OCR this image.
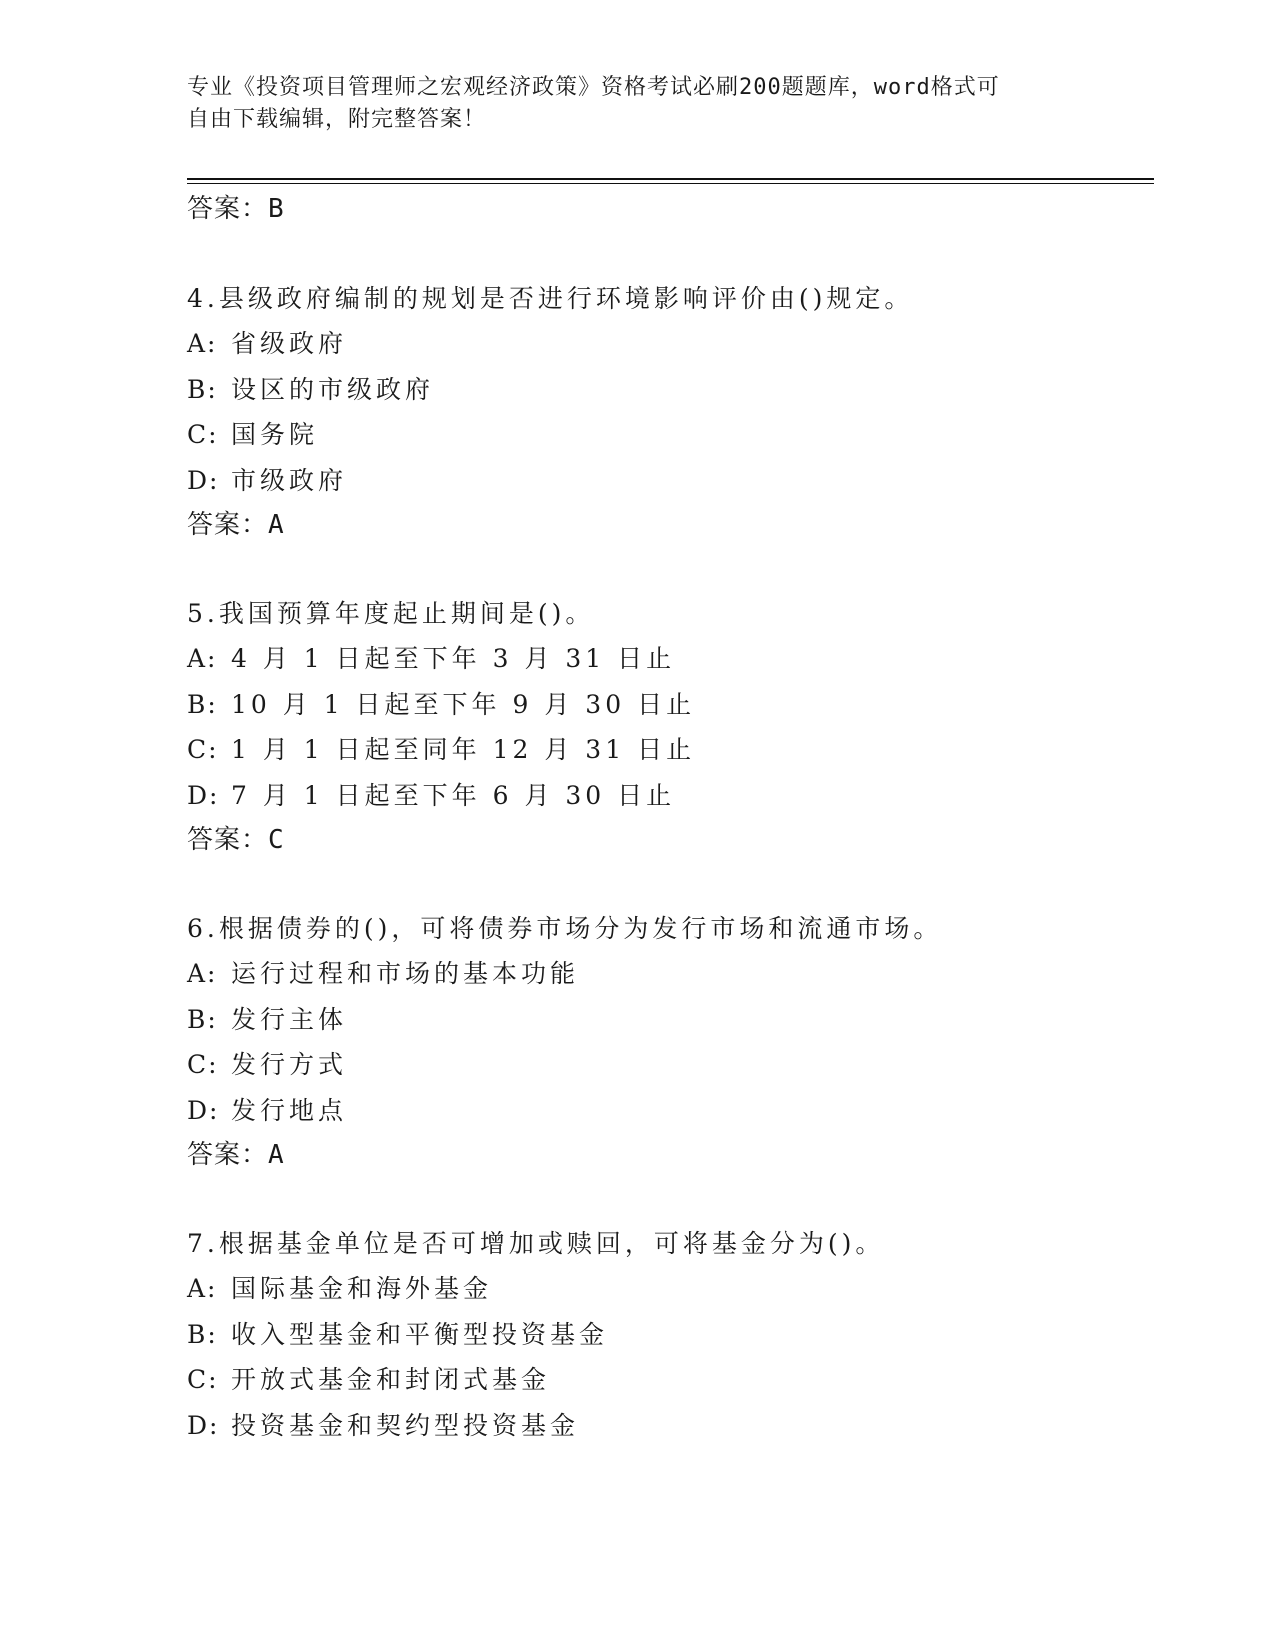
专业《投资项目管理师之宏观经济政策》资格考试必刷200题题库，word格式可
自由下载编辑，附完整答案！
答案：B
4.县级政府编制的规划是否进行环境影响评价由()规定。
A: 省级政府
B: 设区的市级政府
C: 国务院
D: 市级政府
答案：A
5.我国预算年度起止期间是()。
A: 4 月 1 日起至下年 3 月 31 日止
B: 10 月 1 日起至下年 9 月 30 日止
C: 1 月 1 日起至同年 12 月 31 日止
D: 7 月 1 日起至下年 6 月 30 日止
答案：C
6.根据债券的()，可将债券市场分为发行市场和流通市场。
A: 运行过程和市场的基本功能
B: 发行主体
C: 发行方式
D: 发行地点
答案：A
7.根据基金单位是否可增加或赎回，可将基金分为()。
A: 国际基金和海外基金
B: 收入型基金和平衡型投资基金
C: 开放式基金和封闭式基金
D: 投资基金和契约型投资基金
